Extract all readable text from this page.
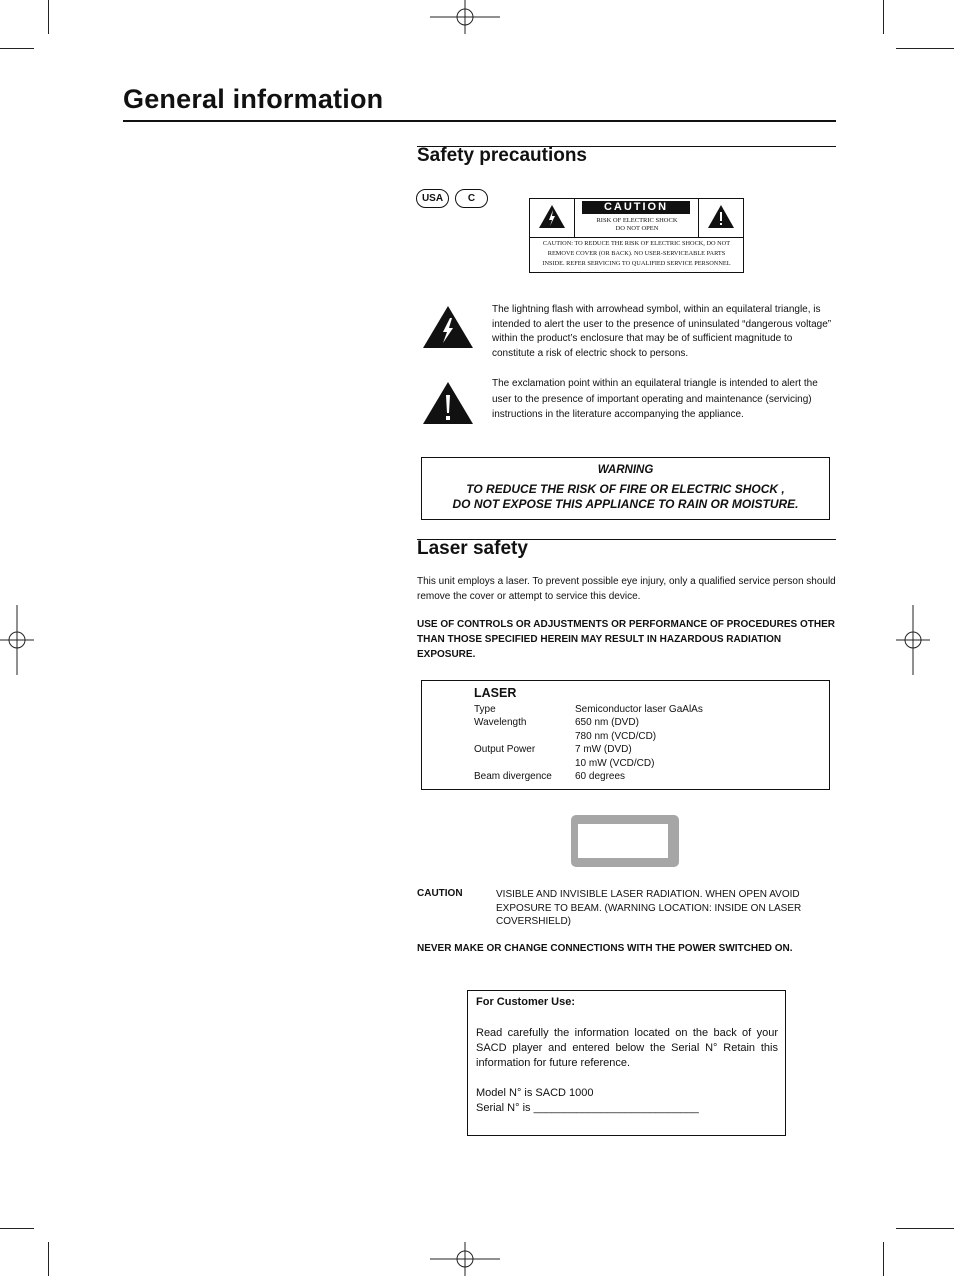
General information
Safety precautions
USA	C
CAUTION
RISK OF ELECTRIC SHOCK
DO NOT OPEN
CAUTION: TO REDUCE THE RISK OF ELECTRIC SHOCK, DO NOT
REMOVE COVER (OR BACK). NO USER-SERVICEABLE PARTS
INSIDE. REFER SERVICING TO QUALIFIED SERVICE PERSONNEL
The lightning flash with arrowhead symbol, within an equilateral triangle, is intended to alert the user to the presence of uninsulated “dangerous voltage” within the product’s enclosure that may be of sufficient magnitude to constitute a risk of electric shock to persons.
The exclamation point within an equilateral triangle is intended to alert the user to the presence of important operating and maintenance (servicing) instructions in the literature accompanying the appliance.
WARNING
TO REDUCE THE RISK OF FIRE OR ELECTRIC SHOCK ,
DO NOT EXPOSE THIS APPLIANCE TO RAIN OR MOISTURE.
Laser safety
This unit employs a laser. To prevent possible eye injury, only a qualified service person should remove the cover or attempt to service this device.
USE OF CONTROLS OR ADJUSTMENTS OR PERFORMANCE OF PROCEDURES OTHER THAN THOSE SPECIFIED HEREIN MAY RESULT IN HAZARDOUS RADIATION EXPOSURE.
LASER
Type	Semiconductor laser GaAlAs
Wavelength	650 nm (DVD)
780 nm (VCD/CD)
Output Power	7 mW (DVD)
10 mW (VCD/CD)
Beam divergence 60 degrees
CAUTION	VISIBLE AND INVISIBLE LASER RADIATION. WHEN OPEN AVOID EXPOSURE TO BEAM. (WARNING LOCATION: INSIDE ON LASER COVERSHIELD)
NEVER MAKE OR CHANGE CONNECTIONS WITH THE POWER SWITCHED ON.
For Customer Use:
Read carefully the information located on the back of your SACD player and entered below the Serial N° Retain this information for future reference.
Model N° is SACD 1000
Serial N° is ___________________________
